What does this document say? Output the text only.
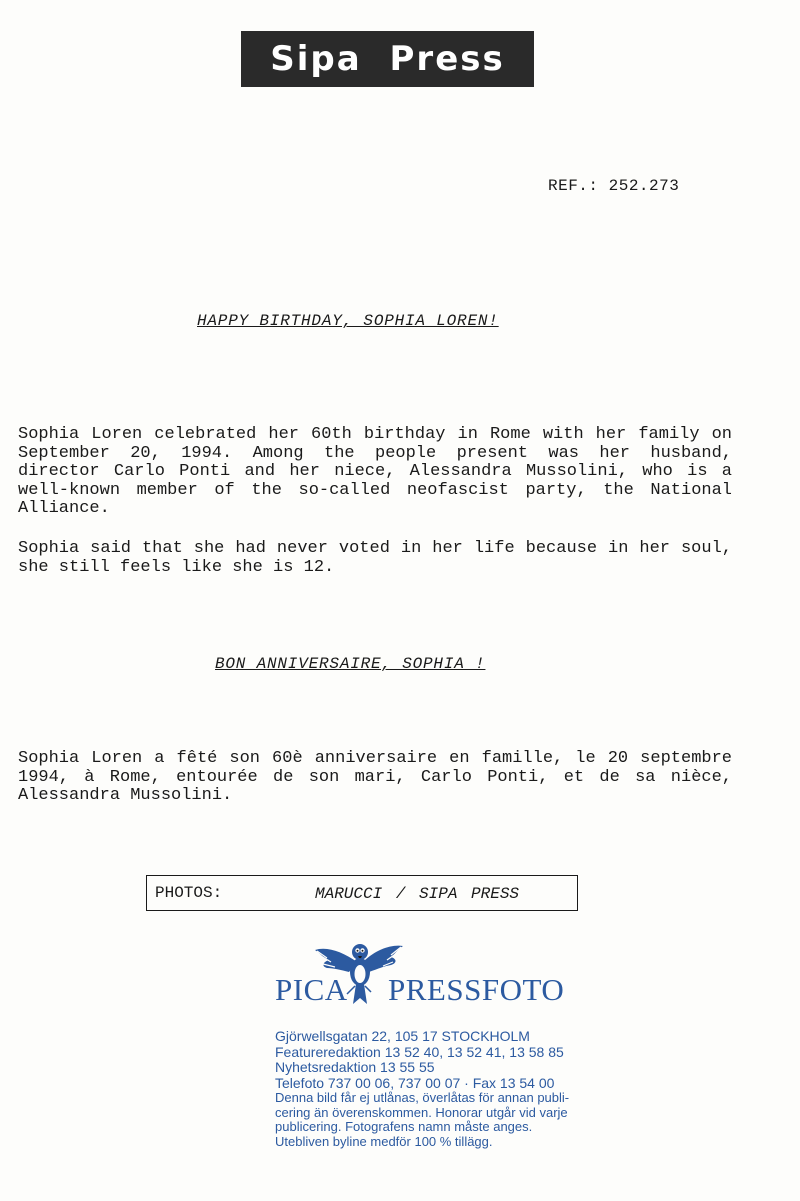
Sipa Press
REF.: 252.273
HAPPY BIRTHDAY, SOPHIA LOREN!
Sophia Loren celebrated her 60th birthday in Rome with her family on September 20, 1994. Among the people present was her husband, director Carlo Ponti and her niece, Alessandra Mussolini, who is a well-known member of the so-called neofascist party, the National Alliance.
Sophia said that she had never voted in her life because in her soul, she still feels like she is 12.
BON ANNIVERSAIRE, SOPHIA !
Sophia Loren a fêté son 60è anniversaire en famille, le 20 septembre 1994, à Rome, entourée de son mari, Carlo Ponti, et de sa nièce, Alessandra Mussolini.
PHOTOS:	MARUCCI / SIPA PRESS
PICA PRESSFOTO
Gjörwellsgatan 22, 105 17 STOCKHOLM
Featureredaktion 13 52 40, 13 52 41, 13 58 85
Nyhetsredaktion 13 55 55
Telefoto 737 00 06, 737 00 07 · Fax 13 54 00
Denna bild får ej utlånas, överlåtas för annan publi-
cering än överenskommen. Honorar utgår vid varje
publicering. Fotografens namn måste anges.
Utebliven byline medför 100 % tillägg.
